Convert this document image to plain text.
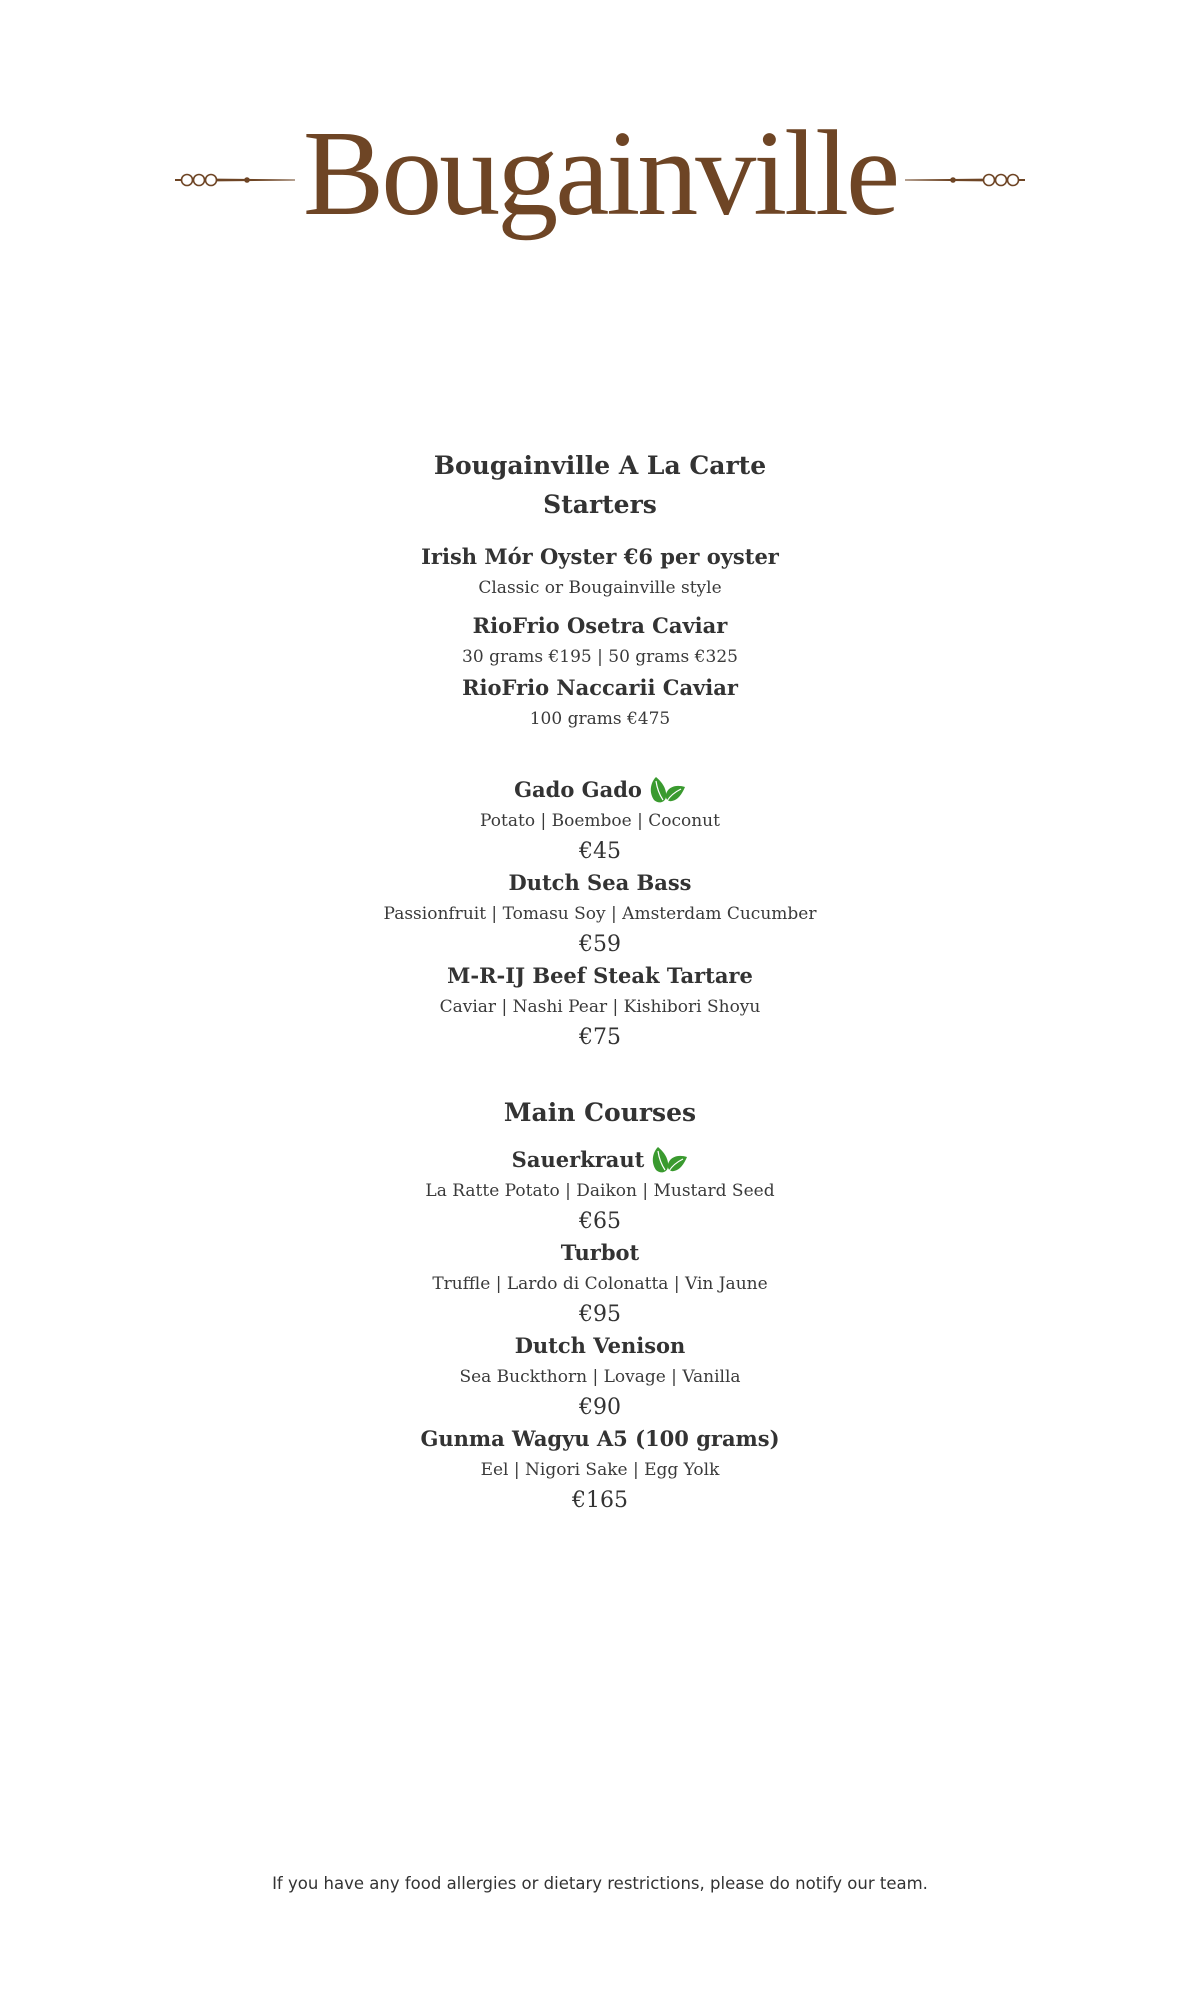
Bougainville
Bougainville A La Carte
Starters

Irish Mór Oyster €6 per oyster

Classic or Bougainville style

RioFrio Osetra Caviar

30 grams €195 | 50 grams €325

RioFrio Naccarii Caviar

100 grams €475

Gado Gado

Potato | Boemboe | Coconut

€45

Dutch Sea Bass

Passionfruit | Tomasu Soy | Amsterdam Cucumber

€59

M-R-IJ Beef Steak Tartare

Caviar | Nashi Pear | Kishibori Shoyu

€75

Main Courses

Sauerkraut

La Ratte Potato | Daikon | Mustard Seed

€65

Turbot

Truffle | Lardo di Colonatta | Vin Jaune

€95

Dutch Venison

Sea Buckthorn | Lovage | Vanilla

€90

Gunma Wagyu A5 (100 grams)

Eel | Nigori Sake | Egg Yolk

€165

If you have any food allergies or dietary restrictions, please do notify our team.
